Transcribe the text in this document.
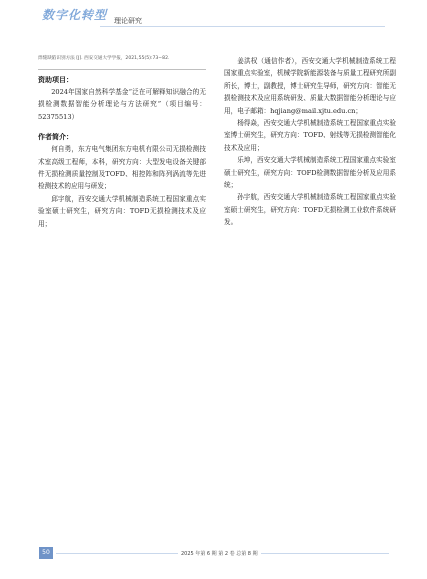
数字化转型 理论研究
焊缝缺陷识别方法 [J]. 西安交通大学学报，2021,55(5):73−82.
资助项目：

2024年国家自然科学基金“泛在可解释知识融合的无损检测数据智能分析理论与方法研究”（项目编号：52375513）

作者简介：

何自勇，东方电气集团东方电机有限公司无损检测技术室高级工程师，本科，研究方向：大型发电设备关键部件无损检测质量控制及TOFD、相控阵和阵列涡流等先进检测技术的应用与研发；

邱宇航，西安交通大学机械制造系统工程国家重点实验室硕士研究生，研究方向：TOFD无损检测技术及应用；

姜洪权（通信作者），西安交通大学机械制造系统工程国家重点实验室，机械学院新能源装备与质量工程研究所副所长，博士，副教授，博士研究生导师，研究方向：智能无损检测技术及应用系统研发、质量大数据智能分析理论与应用，电子邮箱：hqjiang@mail.xjtu.edu.cn；

杨得焱，西安交通大学机械制造系统工程国家重点实验室博士研究生，研究方向：TOFD、射线等无损检测智能化技术及应用；

乐坤，西安交通大学机械制造系统工程国家重点实验室硕士研究生，研究方向：TOFD检测数据智能分析及应用系统；

孙宇航，西安交通大学机械制造系统工程国家重点实验室硕士研究生，研究方向：TOFD无损检测工业软件系统研发。

50	2025 年第 6 期 第 2 卷 总第 8 期
